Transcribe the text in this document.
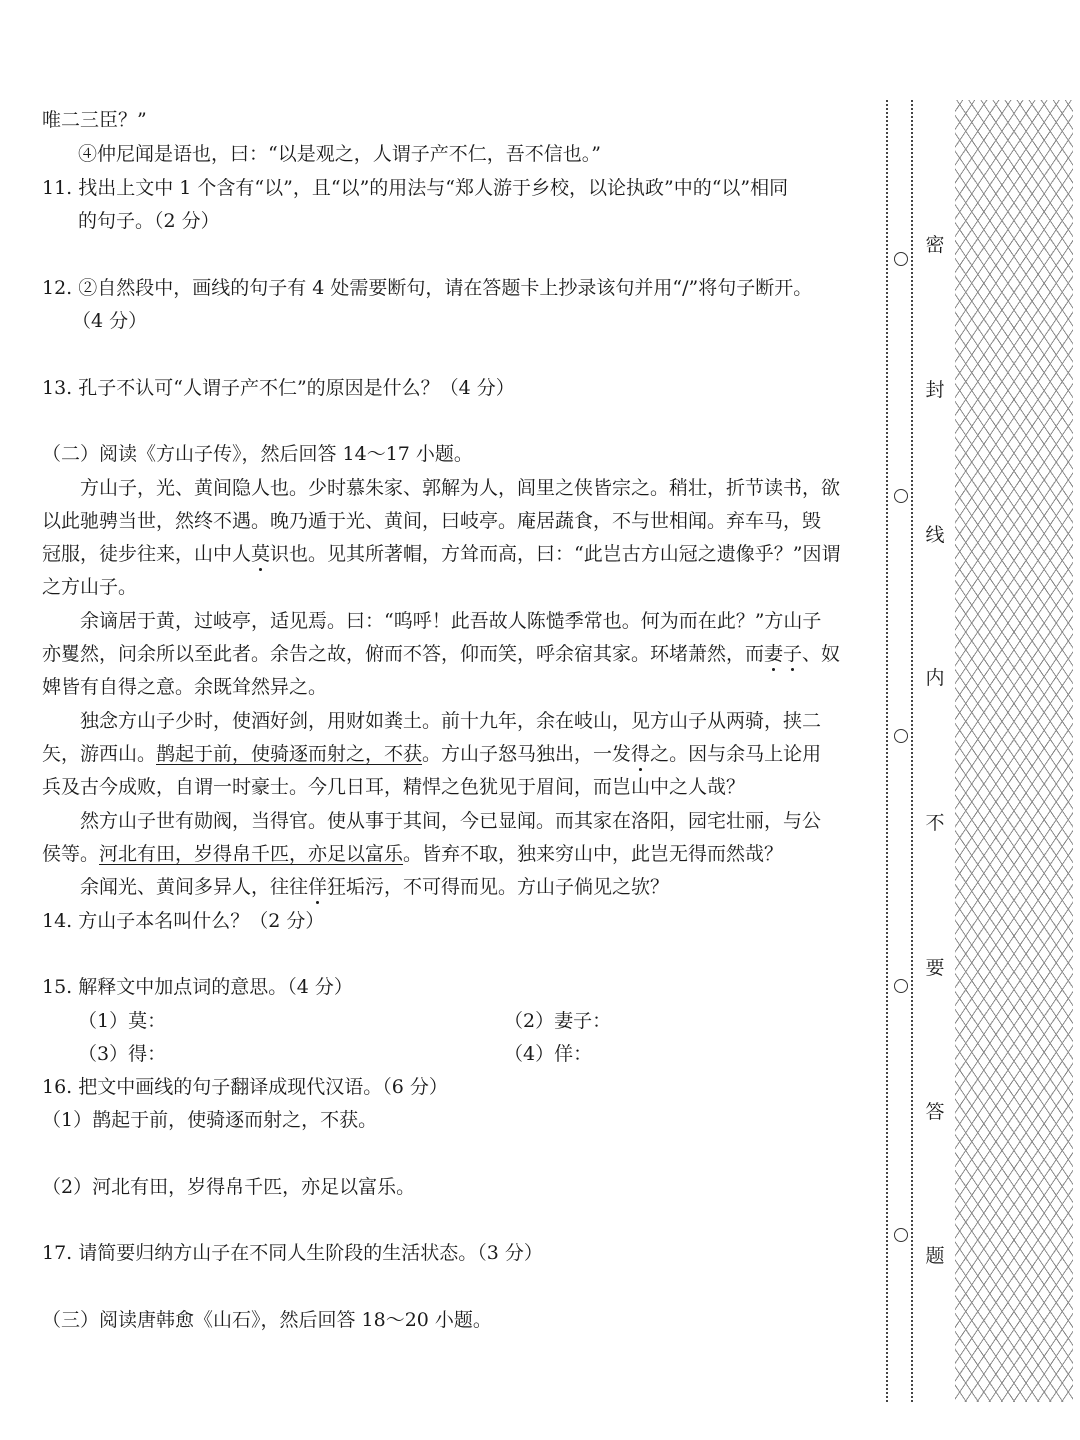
唯二三臣？”
④仲尼闻是语也，曰：“以是观之，人谓子产不仁，吾不信也。”
11. 找出上文中 1 个含有“以”，且“以”的用法与“郑人游于乡校，以论执政”中的“以”相同
的句子。（2 分）
12. ②自然段中，画线的句子有 4 处需要断句，请在答题卡上抄录该句并用“/”将句子断开。
（4 分）
13. 孔子不认可“人谓子产不仁”的原因是什么？（4 分）
（二）阅读《方山子传》，然后回答 14～17 小题。
方山子，光、黄间隐人也。少时慕朱家、郭解为人，闾里之侠皆宗之。稍壮，折节读书，欲
以此驰骋当世，然终不遇。晚乃遁于光、黄间，曰岐亭。庵居蔬食，不与世相闻。弃车马，毁
冠服，徒步往来，山中人莫识也。见其所著帽，方耸而高，曰：“此岂古方山冠之遗像乎？”因谓
之方山子。
余谪居于黄，过岐亭，适见焉。曰：“呜呼！此吾故人陈慥季常也。何为而在此？”方山子
亦矍然，问余所以至此者。余告之故，俯而不答，仰而笑，呼余宿其家。环堵萧然，而妻子、奴
婢皆有自得之意。余既耸然异之。
独念方山子少时，使酒好剑，用财如粪土。前十九年，余在岐山，见方山子从两骑，挟二
矢，游西山。鹊起于前，使骑逐而射之，不获。方山子怒马独出，一发得之。因与余马上论用
兵及古今成败，自谓一时豪士。今几日耳，精悍之色犹见于眉间，而岂山中之人哉？
然方山子世有勋阀，当得官。使从事于其间，今已显闻。而其家在洛阳，园宅壮丽，与公
侯等。河北有田，岁得帛千匹，亦足以富乐。皆弃不取，独来穷山中，此岂无得而然哉？
余闻光、黄间多异人，往往佯狂垢污，不可得而见。方山子倘见之欤？
14. 方山子本名叫什么？（2 分）
15. 解释文中加点词的意思。（4 分）
（1）莫：	（2）妻子：
（3）得：	（4）佯：
16. 把文中画线的句子翻译成现代汉语。（6 分）
（1）鹊起于前，使骑逐而射之，不获。
（2）河北有田，岁得帛千匹，亦足以富乐。
17. 请简要归纳方山子在不同人生阶段的生活状态。（3 分）
（三）阅读唐韩愈《山石》，然后回答 18～20 小题。
密
封
线
内
不
要
答
题
